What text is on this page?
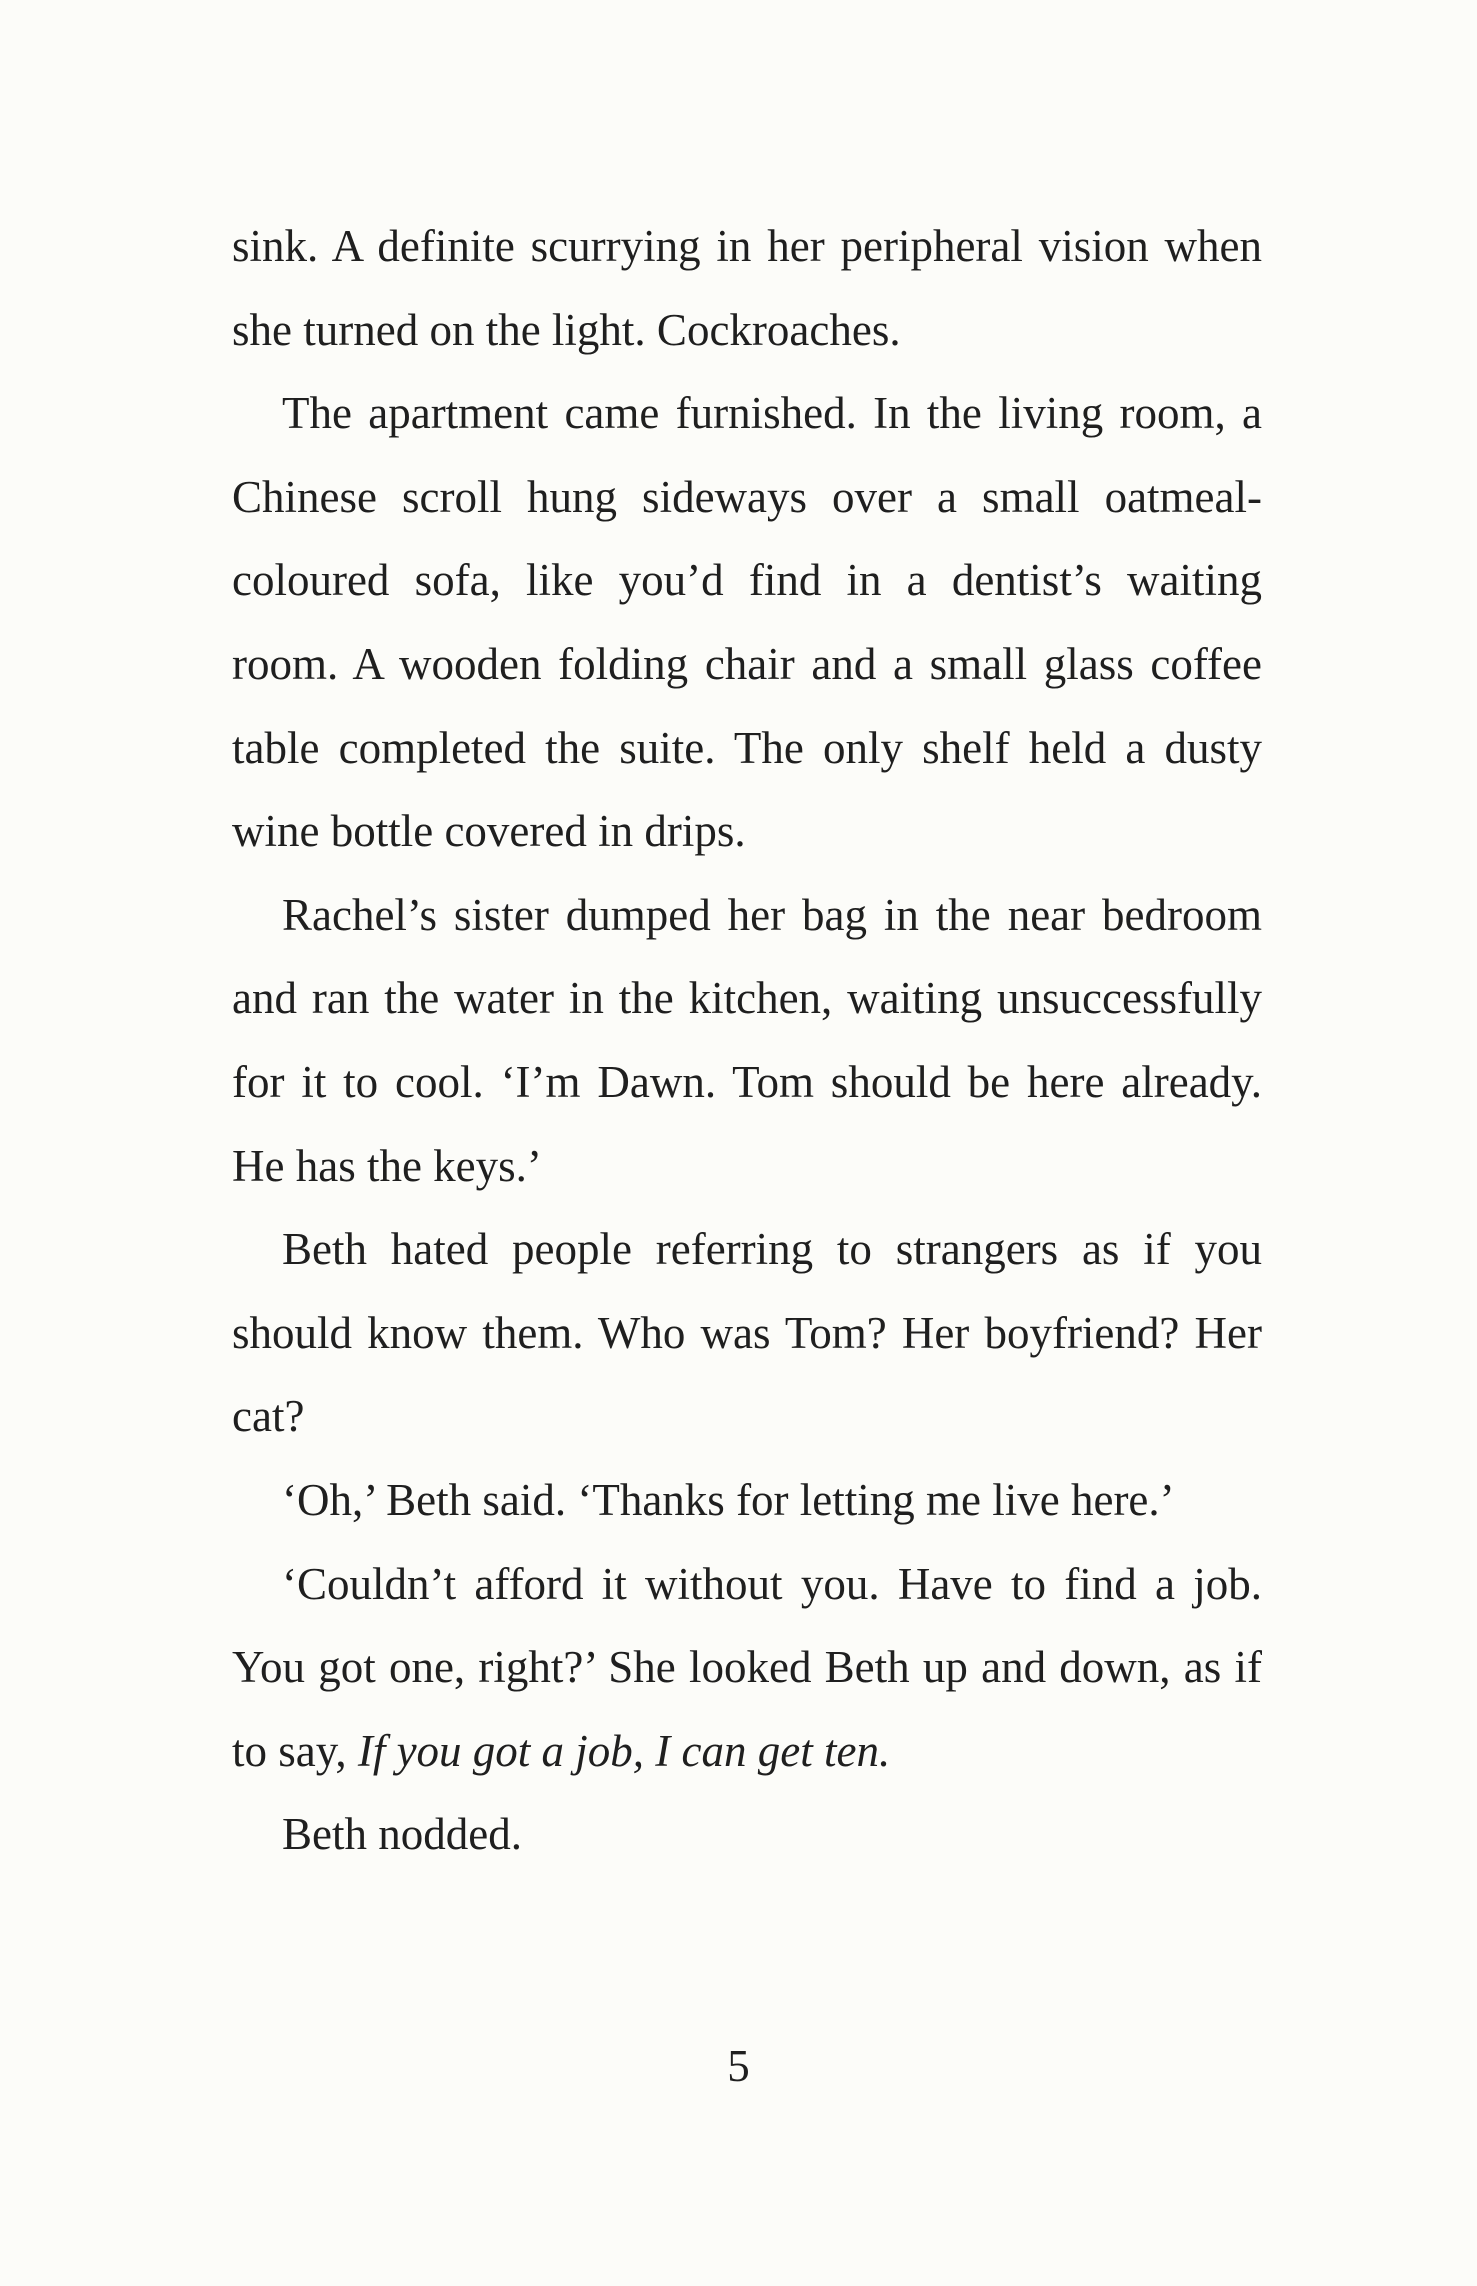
sink. A definite scurrying in her peripheral vision when she turned on the light. Cockroaches.

The apartment came furnished. In the living room, a Chinese scroll hung sideways over a small oatmeal-coloured sofa, like you’d find in a dentist’s waiting room. A wooden folding chair and a small glass coffee table completed the suite. The only shelf held a dusty wine bottle covered in drips.

Rachel’s sister dumped her bag in the near bedroom and ran the water in the kitchen, waiting unsuccessfully for it to cool. ‘I’m Dawn. Tom should be here already. He has the keys.’

Beth hated people referring to strangers as if you should know them. Who was Tom? Her boyfriend? Her cat?

‘Oh,’ Beth said. ‘Thanks for letting me live here.’

‘Couldn’t afford it without you. Have to find a job. You got one, right?’ She looked Beth up and down, as if to say, If you got a job, I can get ten.

Beth nodded.

5
